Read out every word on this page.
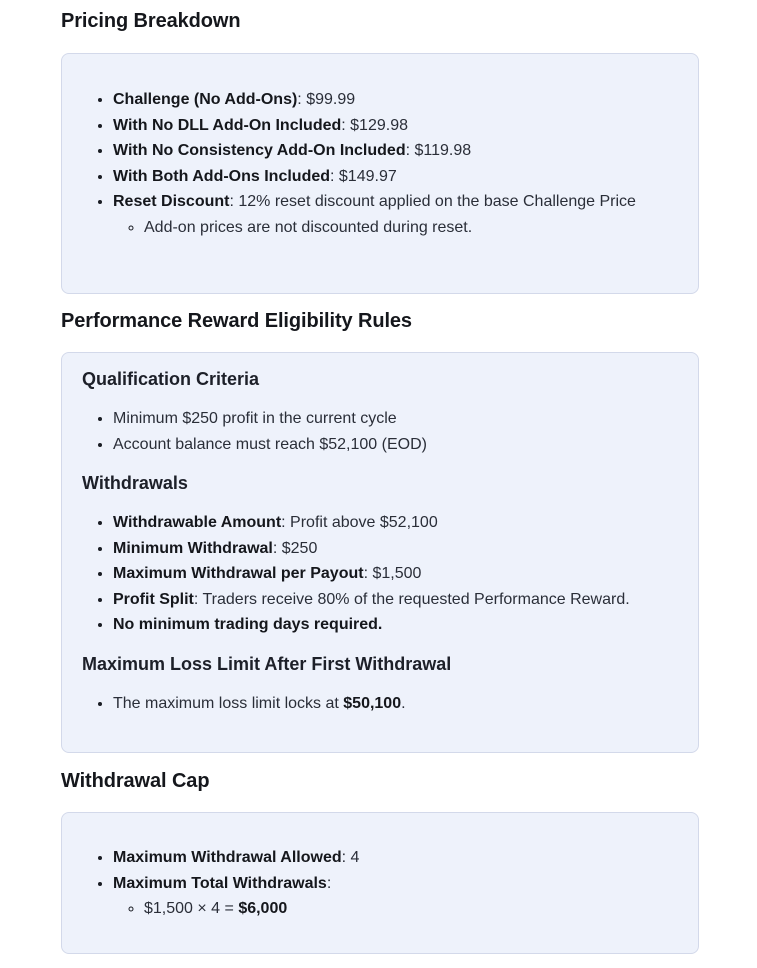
Pricing Breakdown
• Challenge (No Add-Ons): $99.99
• With No DLL Add-On Included: $129.98
• With No Consistency Add-On Included: $119.98
• With Both Add-Ons Included: $149.97
• Reset Discount: 12% reset discount applied on the base Challenge Price
◦ Add-on prices are not discounted during reset.
Performance Reward Eligibility Rules
Qualification Criteria
• Minimum $250 profit in the current cycle
• Account balance must reach $52,100 (EOD)
Withdrawals
• Withdrawable Amount: Profit above $52,100
• Minimum Withdrawal: $250
• Maximum Withdrawal per Payout: $1,500
• Profit Split: Traders receive 80% of the requested Performance Reward.
• No minimum trading days required.
Maximum Loss Limit After First Withdrawal
• The maximum loss limit locks at $50,100.
Withdrawal Cap
• Maximum Withdrawal Allowed: 4
• Maximum Total Withdrawals:
◦ $1,500 × 4 = $6,000
